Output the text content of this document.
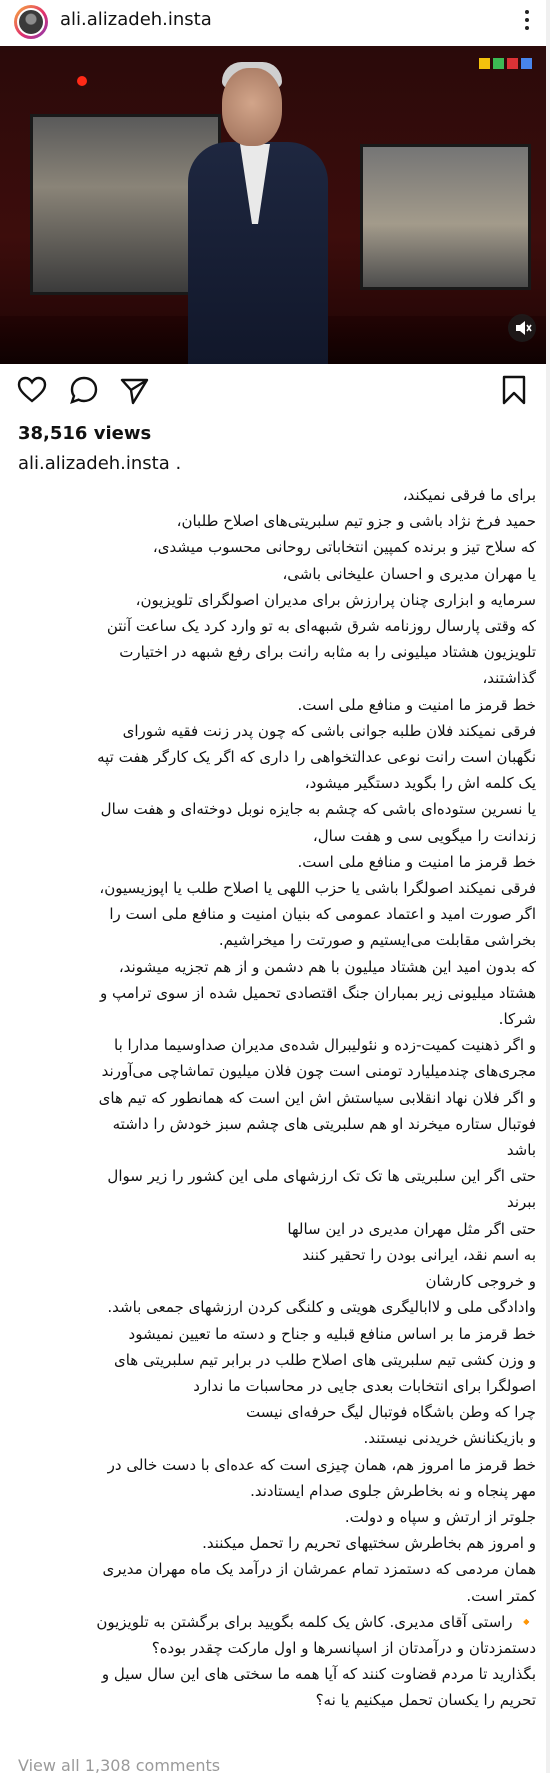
ali.alizadeh.insta
38,516 views
ali.alizadeh.insta .

برای ما فرقی نمیکند،

حمید فرخ نژاد باشی و جزو تیم سلبریتی‌های اصلاح طلبان،

که سلاح تیز و برنده کمپین انتخاباتی روحانی محسوب میشدی،

یا مهران مدیری و احسان علیخانی باشی،

سرمایه و ابزاری چنان پرارزش برای مدیران اصولگرای تلویزیون،

که وقتی پارسال روزنامه شرق شبهه‌ای به تو وارد کرد یک ساعت آنتن

تلویزیون هشتاد میلیونی را به مثابه رانت برای رفع شبهه در اختیارت

گذاشتند،

خط قرمز ما امنیت و منافع ملی است.

فرقی نمیکند فلان طلبه جوانی باشی که چون پدر زنت فقیه شورای

نگهبان است رانت نوعی عدالتخواهی را داری که اگر یک کارگر هفت تپه

یک کلمه اش را بگوید دستگیر میشود،

یا نسرین ستوده‌ای باشی که چشم به جایزه نوبل دوخته‌ای و هفت سال

زندانت را میگویی سی و هفت سال،

خط قرمز ما امنیت و منافع ملی است.

فرقی نمیکند اصولگرا باشی یا حزب اللهی یا اصلاح طلب یا اپوزیسیون،

اگر صورت امید و اعتماد عمومی که بنیان امنیت و منافع ملی است را

بخراشی مقابلت می‌ایستیم و صورتت را میخراشیم.

که بدون امید این هشتاد میلیون با هم دشمن و از هم تجزیه میشوند،

هشتاد میلیونی زیر بمباران جنگ اقتصادی تحمیل شده از سوی ترامپ و

شرکا.

و اگر ذهنیت کمیت-زده و نئولیبرال شده‌ی مدیران صداوسیما مدارا با

مجری‌های چندمیلیارد تومنی است چون فلان میلیون تماشاچی می‌آورند

و اگر فلان نهاد انقلابی سیاستش اش این است که همانطور که تیم های

فوتبال ستاره میخرند او هم سلبریتی های چشم سبز خودش را داشته

باشد

حتی اگر این سلبریتی ها تک تک ارزشهای ملی این کشور را زیر سوال

ببرند

حتی اگر مثل مهران مدیری در این سالها

به اسم نقد، ایرانی بودن را تحقیر کنند

و خروجی کارشان

وادادگی ملی و لاابالیگری هویتی و کلنگی کردن ارزشهای جمعی باشد.

خط قرمز ما بر اساس منافع قبلیه و جناح و دسته ما تعیین نمیشود

و وزن کشی تیم سلبریتی های اصلاح طلب در برابر تیم سلبریتی های

اصولگرا برای انتخابات بعدی جایی در محاسبات ما ندارد

چرا که وطن باشگاه فوتبال لیگ حرفه‌ای نیست

و بازیکنانش خریدنی نیستند.

خط قرمز ما امروز هم، همان چیزی است که عده‌ای با دست خالی در

مهر پنجاه و نه بخاطرش جلوی صدام ایستادند.

جلوتر از ارتش و سپاه و دولت.

و امروز هم بخاطرش سختیهای تحریم را تحمل میکنند.

همان مردمی که دستمزد تمام عمرشان از درآمد یک ماه مهران مدیری

کمتر است.

🔸 راستی آقای مدیری. کاش یک کلمه بگویید برای برگشتن به تلویزیون

دستمزدتان و درآمدتان از اسپانسرها و اول مارکت چقدر بوده؟

بگذارید تا مردم قضاوت کنند که آیا همه ما سختی های این سال سیل و

تحریم را یکسان تحمل میکنیم یا نه؟

View all 1,308 comments
